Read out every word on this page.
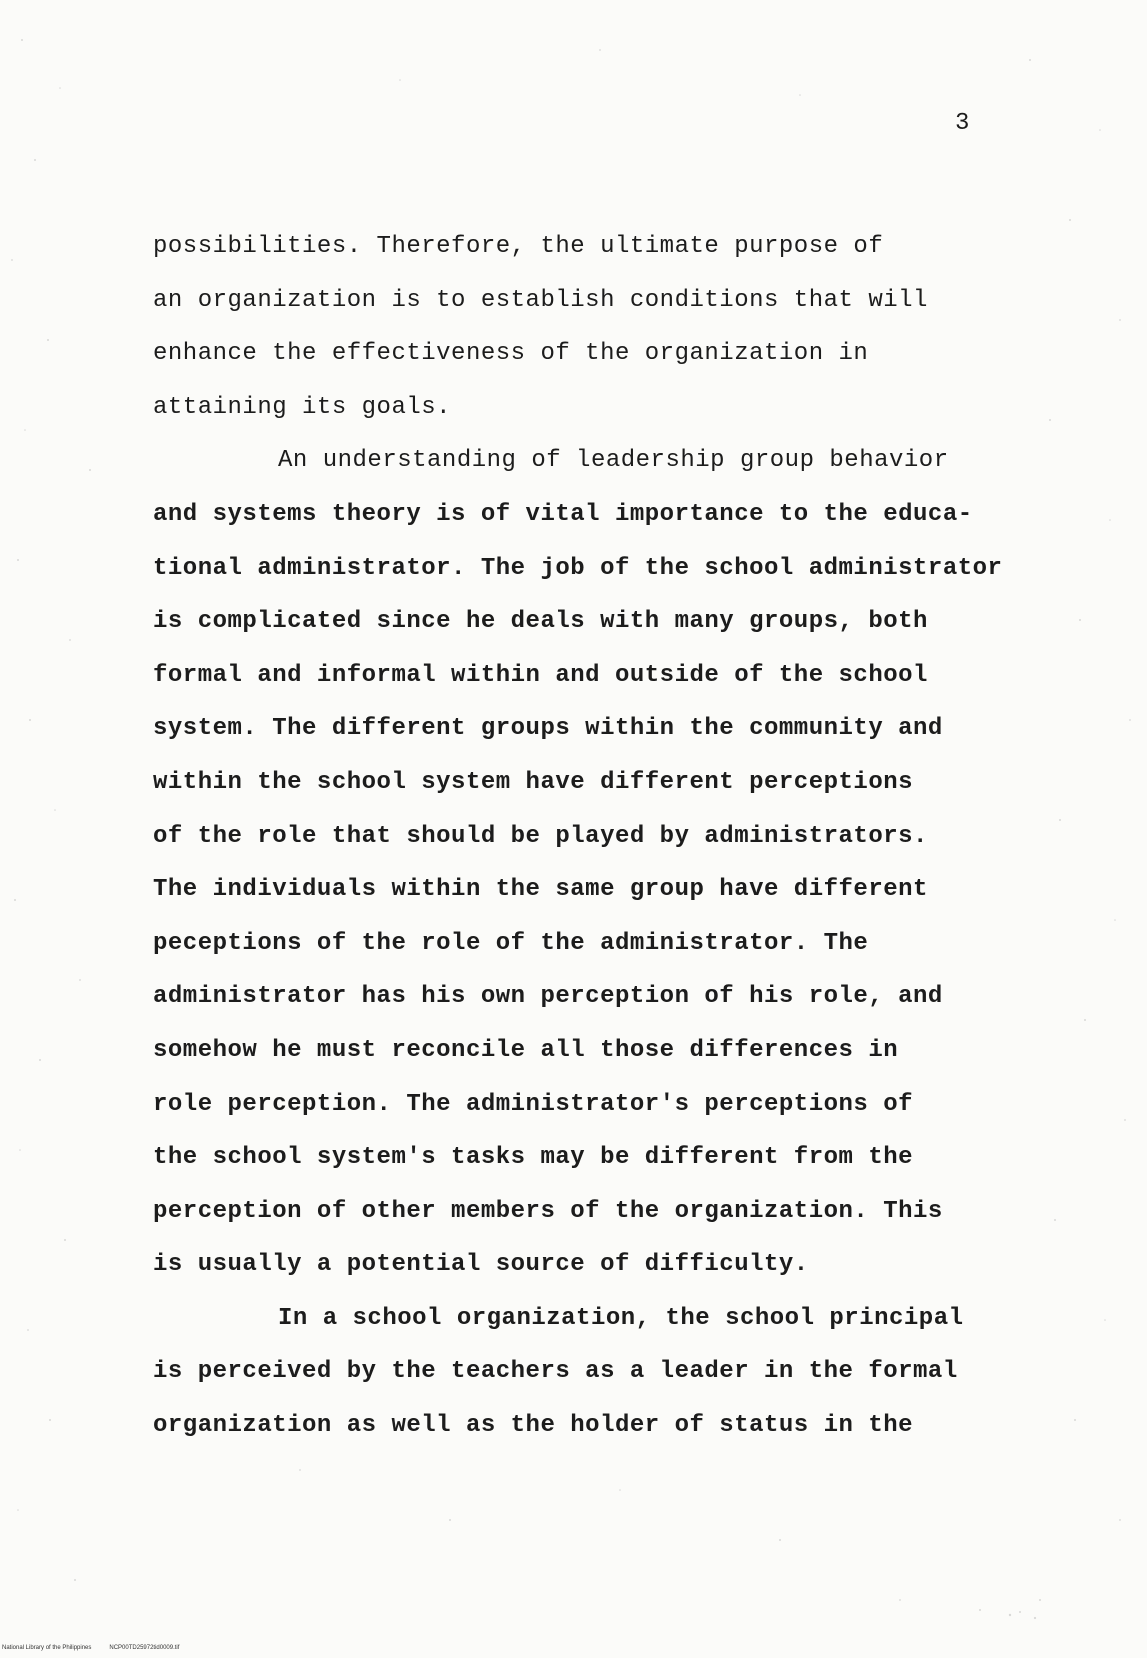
3
possibilities. Therefore, the ultimate purpose of
an organization is to establish conditions that will
enhance the effectiveness of the organization in
attaining its goals.
An understanding of leadership group behavior
and systems theory is of vital importance to the educa-
tional administrator. The job of the school administrator
is complicated since he deals with many groups, both
formal and informal within and outside of the school
system. The different groups within the community and
within the school system have different perceptions
of the role that should be played by administrators.
The individuals within the same group have different
peceptions of the role of the administrator. The
administrator has his own perception of his role, and
somehow he must reconcile all those differences in
role perception. The administrator's perceptions of
the school system's tasks may be different from the
perception of other members of the organization. This
is usually a potential source of difficulty.
In a school organization, the school principal
is perceived by the teachers as a leader in the formal
organization as well as the holder of status in the
National Library of the Philippines	NCP00TD25972tid0009.tif
